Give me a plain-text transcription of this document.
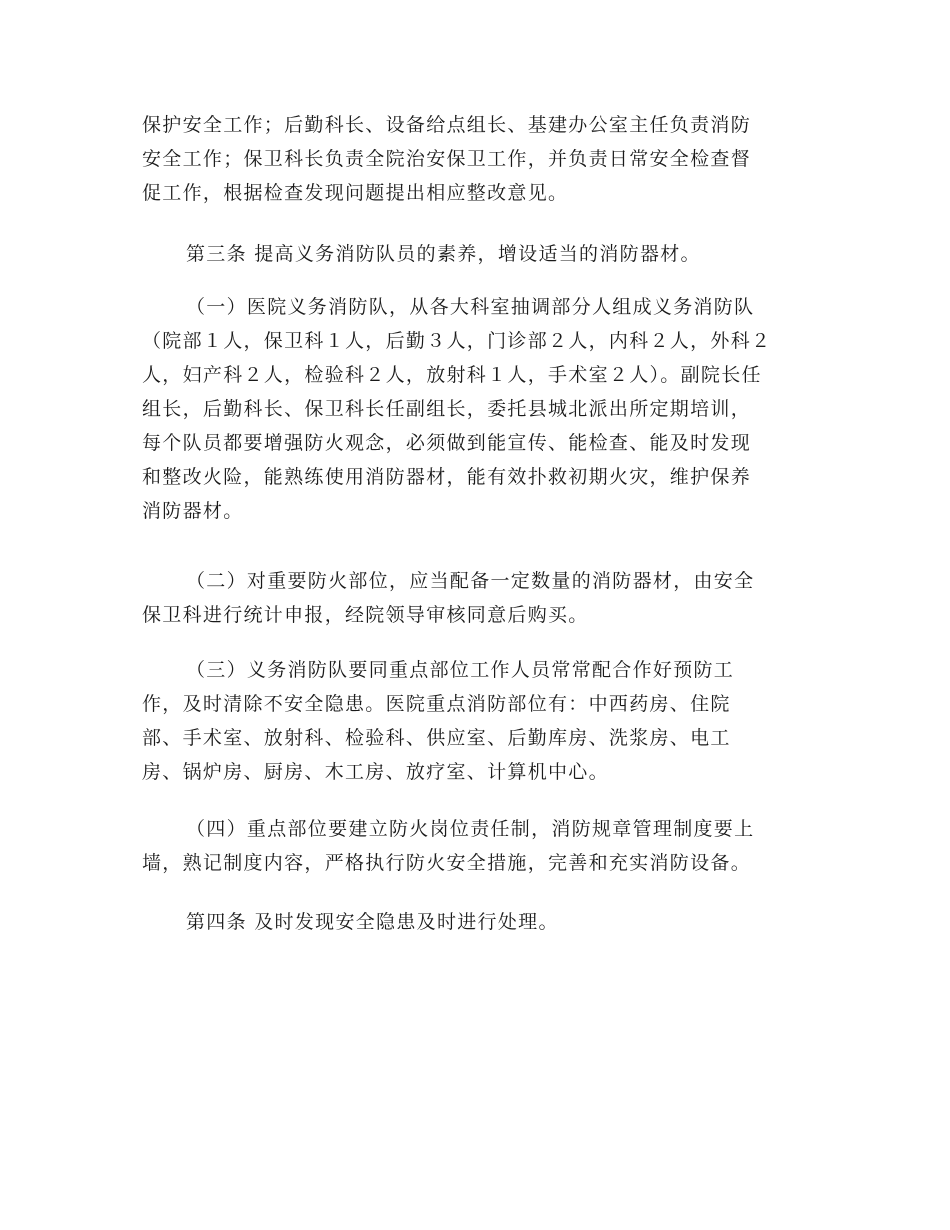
保护安全工作；后勤科长、设备给点组长、基建办公室主任负责消防
安全工作；保卫科长负责全院治安保卫工作，并负责日常安全检查督
促工作，根据检查发现问题提出相应整改意见。
第三条 提高义务消防队员的素养，增设适当的消防器材。
（一）医院义务消防队，从各大科室抽调部分人组成义务消防队
（院部１人，保卫科１人，后勤３人，门诊部２人，内科２人，外科２
人，妇产科２人，检验科２人，放射科１人，手术室２人）。副院长任
组长，后勤科长、保卫科长任副组长，委托县城北派出所定期培训，
每个队员都要增强防火观念，必须做到能宣传、能检查、能及时发现
和整改火险，能熟练使用消防器材，能有效扑救初期火灾，维护保养
消防器材。
（二）对重要防火部位，应当配备一定数量的消防器材，由安全
保卫科进行统计申报，经院领导审核同意后购买。
（三）义务消防队要同重点部位工作人员常常配合作好预防工
作，及时清除不安全隐患。医院重点消防部位有：中西药房、住院
部、手术室、放射科、检验科、供应室、后勤库房、洗浆房、电工
房、锅炉房、厨房、木工房、放疗室、计算机中心。
（四）重点部位要建立防火岗位责任制，消防规章管理制度要上
墙，熟记制度内容，严格执行防火安全措施，完善和充实消防设备。
第四条 及时发现安全隐患及时进行处理。
